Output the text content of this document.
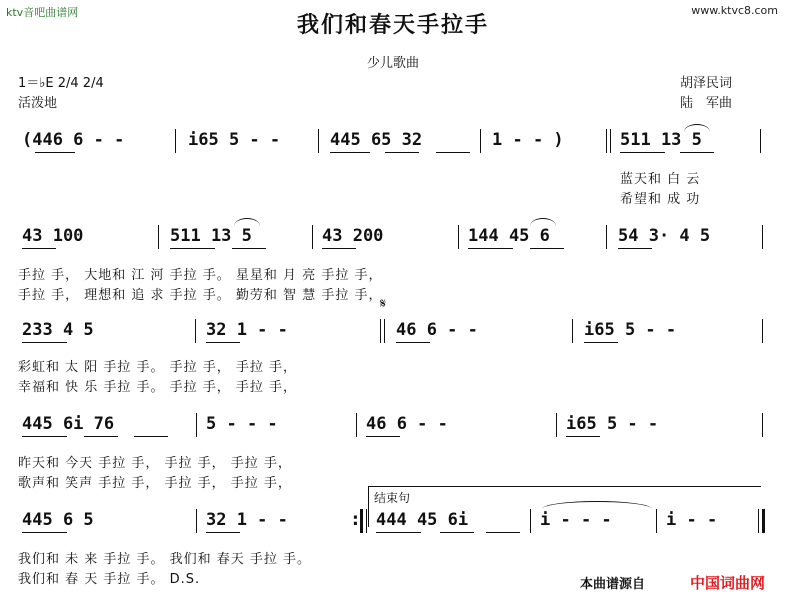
ktv音吧曲谱网	www.ktvc8.com
我们和春天手拉手
少儿歌曲
1＝♭E 2/4 2/4
活泼地
胡泽民词
陆　军曲
(446 6 - -	i65 5 - -	445 65 32	1 - - )	511 13 5
蓝天和 白 云
希望和 成 功
43 100	511 13 5	43 200	144 45 6	54 3· 4 5
手拉 手， 大地和 江 河 手拉 手。 星星和 月 亮 手拉 手，
手拉 手， 理想和 追 求 手拉 手。 勤劳和 智 慧 手拉 手，
233 4 5	32 1 - -
𝄋
46 6 - -	i65 5 - -
彩虹和 太 阳 手拉 手。 手拉 手， 手拉 手，
幸福和 快 乐 手拉 手。 手拉 手， 手拉 手，
445 6i 76	5 - - -	46 6 - -	i65 5 - -
昨天和 今天 手拉 手， 手拉 手， 手拉 手，
歌声和 笑声 手拉 手， 手拉 手， 手拉 手，
结束句
445 6 5	32 1 - -	: 444 45 6i	i - - -	i - -
我们和 未 来 手拉 手。 我们和 春天 手拉 手。
我们和 春 天 手拉 手。 D.S.	本曲谱源自	中国词曲网
